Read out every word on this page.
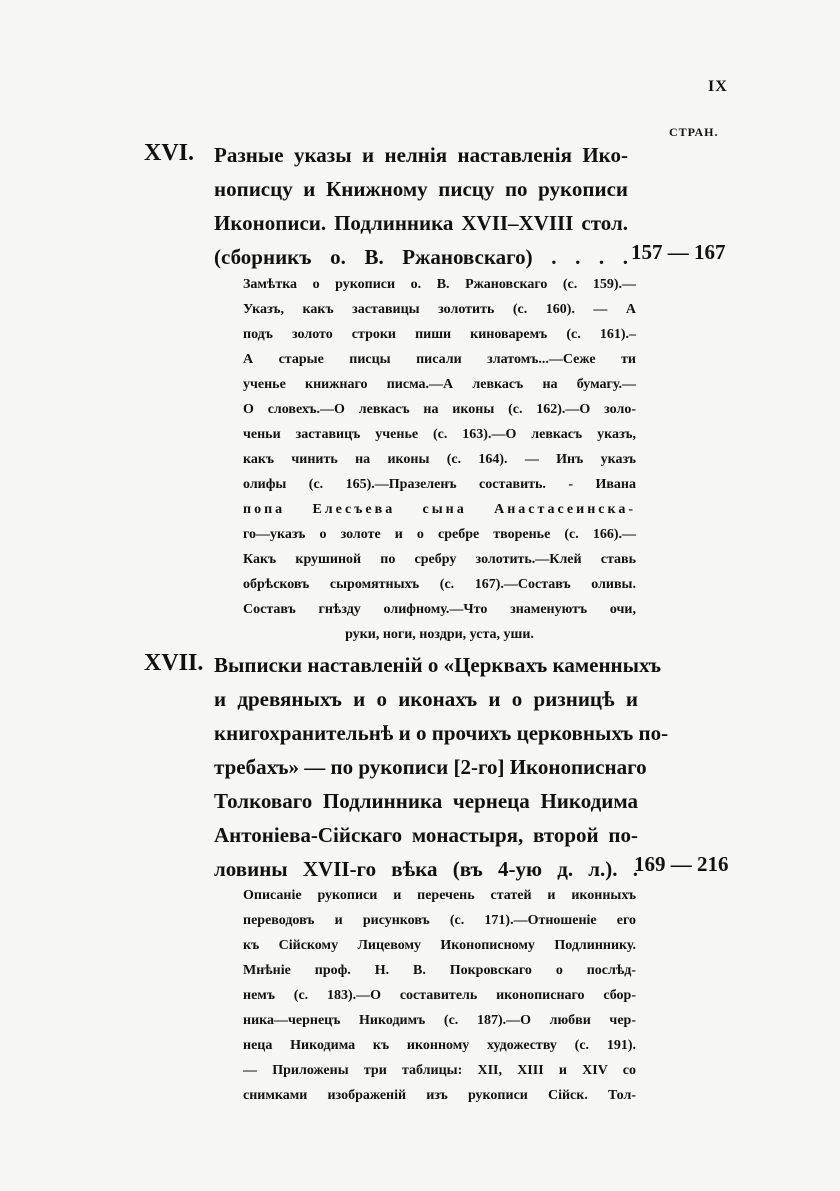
IX
СТРАН.
XVI. Разные указы и нелнія наставленія Ико-
нописцу и Книжному писцу по рукописи
Иконописи. Подлинника XVII–XVIII стол.
(сборникъ о. В. Ржановскаго) . . . . 157 — 167
Замѣтка о рукописи о. В. Ржановскаго (с. 159).—
Указъ, какъ заставицы золотить (с. 160). — А
подъ золото строки пиши киноваремъ (с. 161).–
А старые писцы писали златомъ...—Сеже ти
ученье книжнаго писма.—А левкасъ на бумагу.—
О словехъ.—О левкасъ на иконы (с. 162).—О золо-
ченьи заставицъ ученье (с. 163).—О левкасъ указъ,
какъ чинить на иконы (с. 164). — Инъ указъ
олифы (с. 165).—Празеленъ составить. - Ивана
попа Елесъева сына Анастасеинска-
го—указъ о золоте и о сребре твореньe (с. 166).—
Какъ крушиной по сребру золотить.—Клей ставь
обрѣсковъ сыромятныхъ (с. 167).—Составъ оливы.
Составъ гнѣзду олифному.—Что знаменуютъ очи,
руки, ноги, ноздри, уста, уши.
XVII. Выписки наставленій о «Церквахъ каменныхъ
и древяныхъ и о иконахъ и о ризницѣ и
книгохранительнѣ и о прочихъ церковныхъ по-
требахъ» — по рукописи [2-го] Иконописнаго
Толковаго Подлинника чернеца Никодима
Антоніева-Сійскаго монастыря, второй по-
ловины XVII-го вѣка (въ 4-ую д. л.). .
169 — 216
Описаніе рукописи и перечень статей и иконныхъ
переводовъ и рисунковъ (с. 171).—Отношеніе его
къ Сійскому Лицевому Иконописному Подлиннику.
Мнѣніе проф. Н. В. Покровскаго о послѣд-
немъ (с. 183).—О составитель иконописнаго сбор-
ника—чернецъ Никодимъ (с. 187).—О любви чер-
неца Никодима къ иконному художеству (с. 191).
— Приложены три таблицы: XII, XIII и XIV со
снимками изображеній изъ рукописи Сійск. Тол-
